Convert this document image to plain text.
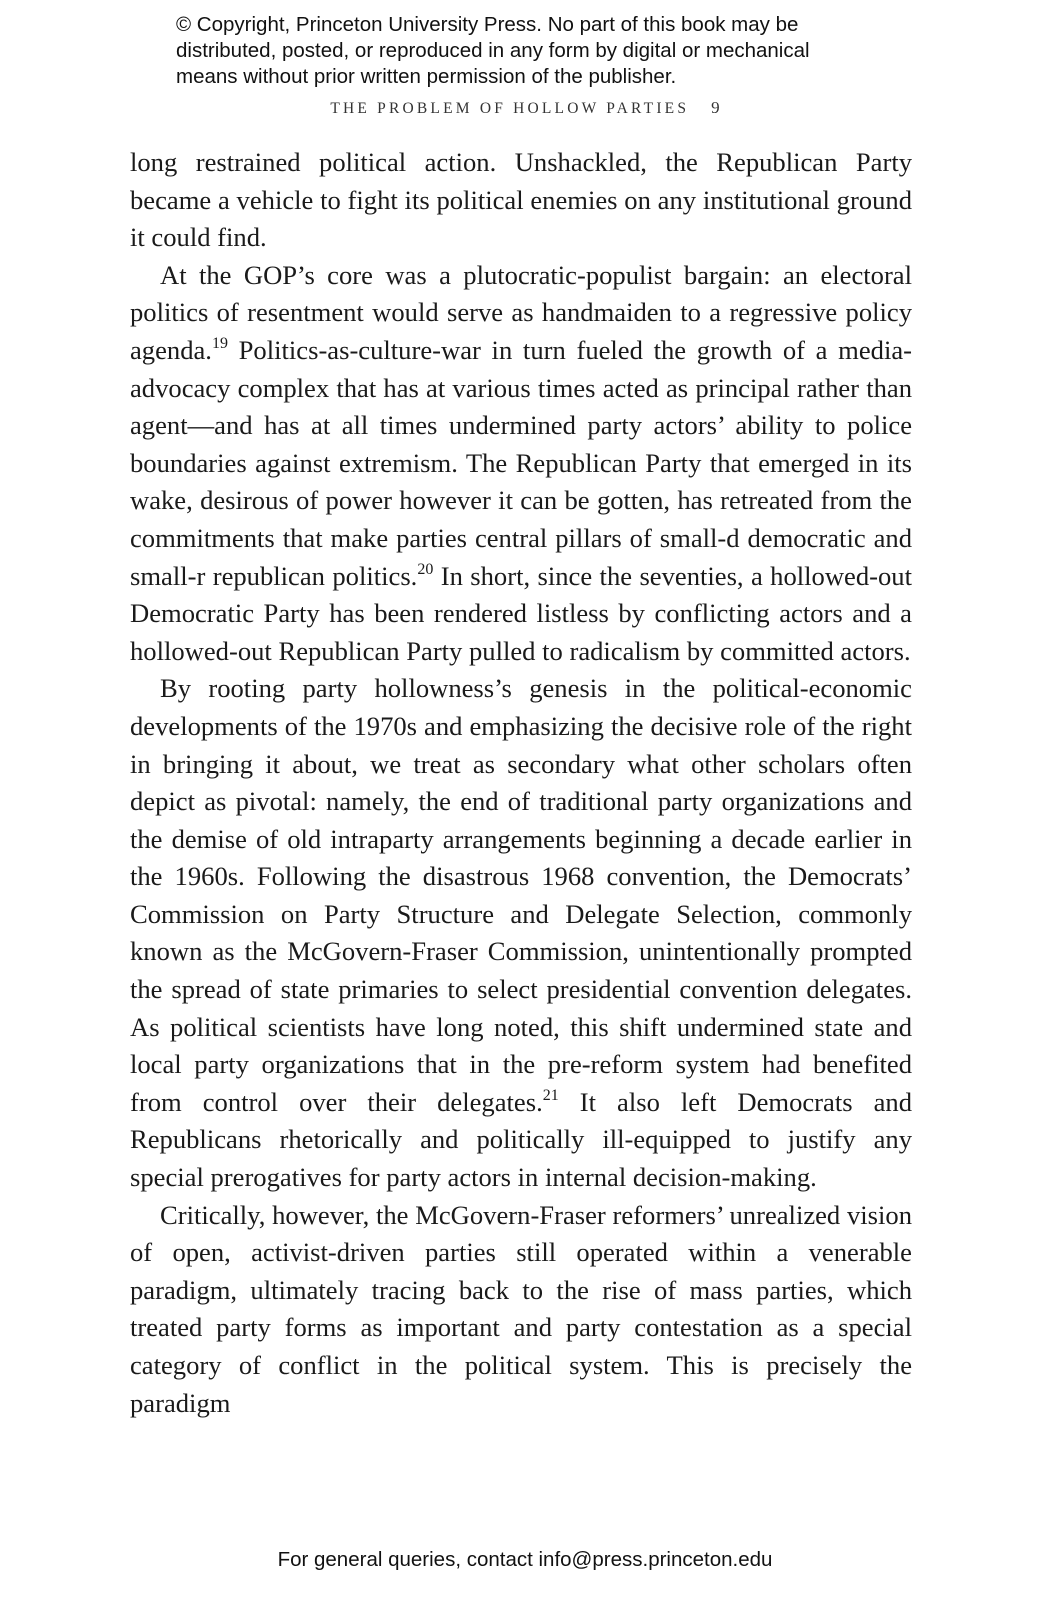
© Copyright, Princeton University Press. No part of this book may be

distributed, posted, or reproduced in any form by digital or mechanical

means without prior written permission of the publisher.

THE PROBLEM OF HOLLOW PARTIES 9

long restrained political action. Unshackled, the Republican Party became a vehicle to fight its political enemies on any institutional ground it could find.

At the GOP’s core was a plutocratic-populist bargain: an electoral politics of resentment would serve as handmaiden to a regressive policy agenda.$^{19}$ Politics-as-culture-war in turn fueled the growth of a media-advocacy complex that has at various times acted as principal rather than agent—and has at all times undermined party actors’ ability to police boundaries against extremism. The Republican Party that emerged in its wake, desirous of power however it can be gotten, has retreated from the commitments that make parties central pillars of small-d democratic and small-r republican politics.$^{20}$ In short, since the seventies, a hollowed-out Democratic Party has been rendered listless by conflicting actors and a hollowed-out Republican Party pulled to radicalism by committed actors.

By rooting party hollowness’s genesis in the political-economic developments of the 1970s and emphasizing the decisive role of the right in bringing it about, we treat as secondary what other scholars often depict as pivotal: namely, the end of traditional party organizations and the demise of old intraparty arrangements beginning a decade earlier in the 1960s. Following the disastrous 1968 convention, the Democrats’ Commission on Party Structure and Delegate Selection, commonly known as the McGovern-Fraser Commission, unintentionally prompted the spread of state primaries to select presidential convention delegates. As political scientists have long noted, this shift undermined state and local party organizations that in the pre-reform system had benefited from control over their delegates.$^{21}$ It also left Democrats and Republicans rhetorically and politically ill-equipped to justify any special prerogatives for party actors in internal decision-making.

Critically, however, the McGovern-Fraser reformers’ unrealized vision of open, activist-driven parties still operated within a venerable paradigm, ultimately tracing back to the rise of mass parties, which treated party forms as important and party contestation as a special category of conflict in the political system. This is precisely the paradigm

For general queries, contact info@press.princeton.edu
